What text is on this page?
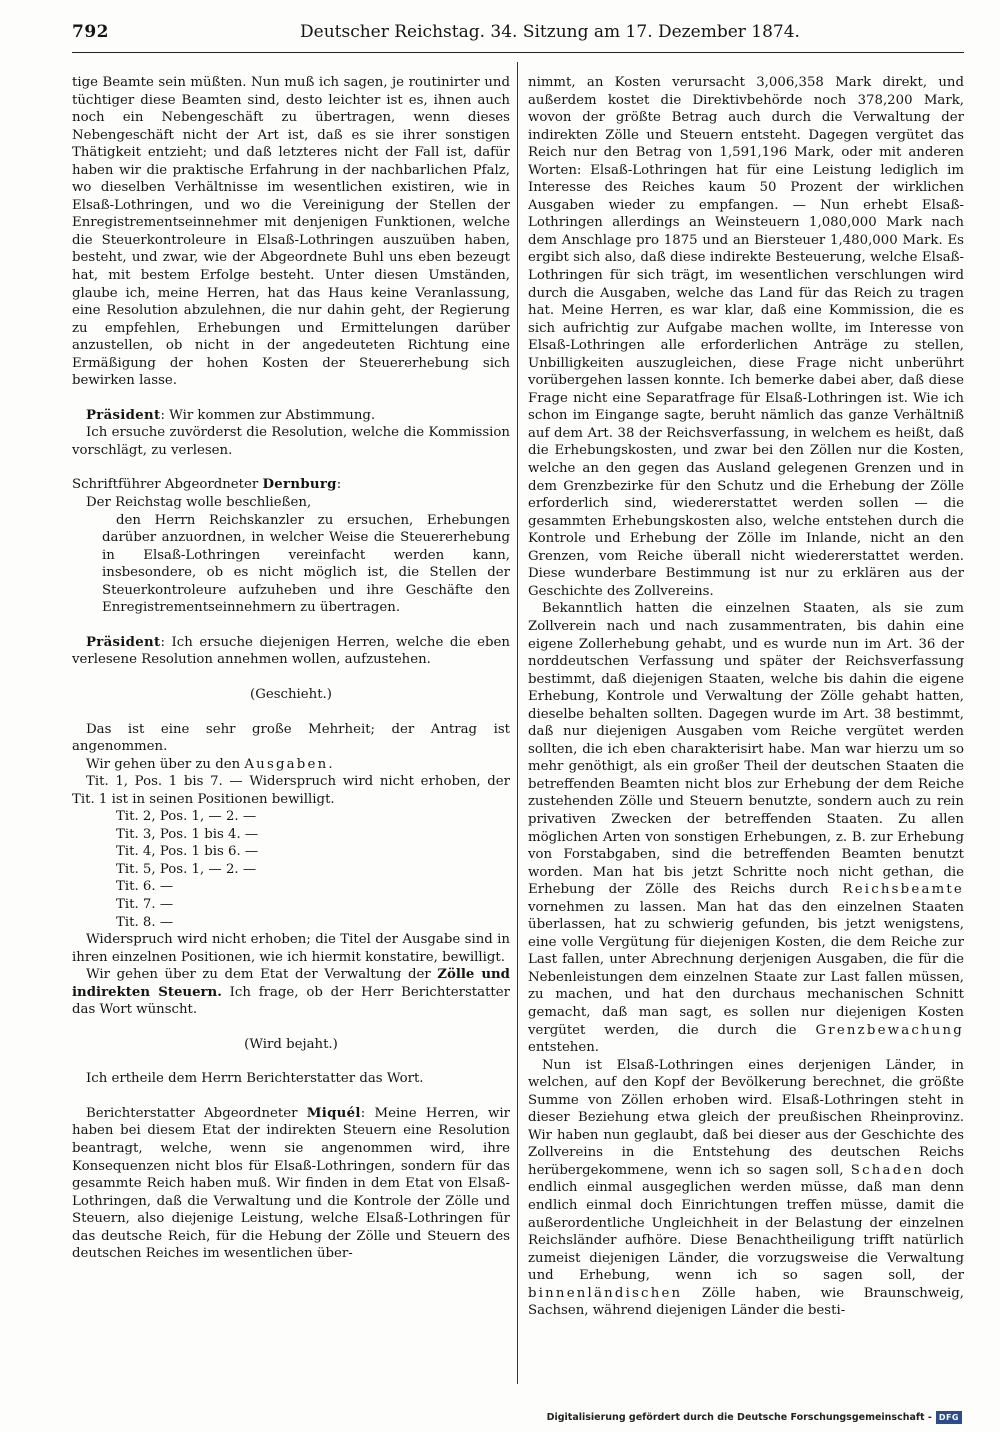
792	Deutscher Reichstag. 34. Sitzung am 17. Dezember 1874.

tige Beamte sein müßten. Nun muß ich sagen, je routinirter und tüchtiger diese Beamten sind, desto leichter ist es, ihnen auch noch ein Nebengeschäft zu übertragen, wenn dieses Nebengeschäft nicht der Art ist, daß es sie ihrer sonstigen Thätigkeit entzieht; und daß letzteres nicht der Fall ist, dafür haben wir die praktische Erfahrung in der nachbarlichen Pfalz, wo dieselben Verhältnisse im wesentlichen existiren, wie in Elsaß-Lothringen, und wo die Vereinigung der Stellen der Enregistrementseinnehmer mit denjenigen Funktionen, welche die Steuerkontroleure in Elsaß-Lothringen auszuüben haben, besteht, und zwar, wie der Abgeordnete Buhl uns eben bezeugt hat, mit bestem Erfolge besteht. Unter diesen Umständen, glaube ich, meine Herren, hat das Haus keine Veranlassung, eine Resolution abzulehnen, die nur dahin geht, der Regierung zu empfehlen, Erhebungen und Ermittelungen darüber anzustellen, ob nicht in der angedeuteten Richtung eine Ermäßigung der hohen Kosten der Steuererhebung sich bewirken lasse.

Präsident: Wir kommen zur Abstimmung.

Ich ersuche zuvörderst die Resolution, welche die Kommission vorschlägt, zu verlesen.

Schriftführer Abgeordneter Dernburg:

Der Reichstag wolle beschließen,

den Herrn Reichskanzler zu ersuchen, Erhebungen darüber anzuordnen, in welcher Weise die Steuererhebung in Elsaß-Lothringen vereinfacht werden kann, insbesondere, ob es nicht möglich ist, die Stellen der Steuerkontroleure aufzuheben und ihre Geschäfte den Enregistrementseinnehmern zu übertragen.

Präsident: Ich ersuche diejenigen Herren, welche die eben verlesene Resolution annehmen wollen, aufzustehen.

(Geschieht.)

Das ist eine sehr große Mehrheit; der Antrag ist angenommen.

Wir gehen über zu den Ausgaben.

Tit. 1, Pos. 1 bis 7. — Widerspruch wird nicht erhoben, der Tit. 1 ist in seinen Positionen bewilligt.

Tit. 2, Pos. 1, — 2. —

Tit. 3, Pos. 1 bis 4. —

Tit. 4, Pos. 1 bis 6. —

Tit. 5, Pos. 1, — 2. —

Tit. 6. —

Tit. 7. —

Tit. 8. —

Widerspruch wird nicht erhoben; die Titel der Ausgabe sind in ihren einzelnen Positionen, wie ich hiermit konstatire, bewilligt.

Wir gehen über zu dem Etat der Verwaltung der Zölle und indirekten Steuern. Ich frage, ob der Herr Berichterstatter das Wort wünscht.

(Wird bejaht.)

Ich ertheile dem Herrn Berichterstatter das Wort.

Berichterstatter Abgeordneter Miquél: Meine Herren, wir haben bei diesem Etat der indirekten Steuern eine Resolution beantragt, welche, wenn sie angenommen wird, ihre Konsequenzen nicht blos für Elsaß-Lothringen, sondern für das gesammte Reich haben muß. Wir finden in dem Etat von Elsaß-Lothringen, daß die Verwaltung und die Kontrole der Zölle und Steuern, also diejenige Leistung, welche Elsaß-Lothringen für das deutsche Reich, für die Hebung der Zölle und Steuern des deutschen Reiches im wesentlichen über-

nimmt, an Kosten verursacht 3,006,358 Mark direkt, und außerdem kostet die Direktivbehörde noch 378,200 Mark, wovon der größte Betrag auch durch die Verwaltung der indirekten Zölle und Steuern entsteht. Dagegen vergütet das Reich nur den Betrag von 1,591,196 Mark, oder mit anderen Worten: Elsaß-Lothringen hat für eine Leistung lediglich im Interesse des Reiches kaum 50 Prozent der wirklichen Ausgaben wieder zu empfangen. — Nun erhebt Elsaß-Lothringen allerdings an Weinsteuern 1,080,000 Mark nach dem Anschlage pro 1875 und an Biersteuer 1,480,000 Mark. Es ergibt sich also, daß diese indirekte Besteuerung, welche Elsaß-Lothringen für sich trägt, im wesentlichen verschlungen wird durch die Ausgaben, welche das Land für das Reich zu tragen hat. Meine Herren, es war klar, daß eine Kommission, die es sich aufrichtig zur Aufgabe machen wollte, im Interesse von Elsaß-Lothringen alle erforderlichen Anträge zu stellen, Unbilligkeiten auszugleichen, diese Frage nicht unberührt vorübergehen lassen konnte. Ich bemerke dabei aber, daß diese Frage nicht eine Separatfrage für Elsaß-Lothringen ist. Wie ich schon im Eingange sagte, beruht nämlich das ganze Verhältniß auf dem Art. 38 der Reichsverfassung, in welchem es heißt, daß die Erhebungskosten, und zwar bei den Zöllen nur die Kosten, welche an den gegen das Ausland gelegenen Grenzen und in dem Grenzbezirke für den Schutz und die Erhebung der Zölle erforderlich sind, wiedererstattet werden sollen — die gesammten Erhebungskosten also, welche entstehen durch die Kontrole und Erhebung der Zölle im Inlande, nicht an den Grenzen, vom Reiche überall nicht wiedererstattet werden. Diese wunderbare Bestimmung ist nur zu erklären aus der Geschichte des Zollvereins.

Bekanntlich hatten die einzelnen Staaten, als sie zum Zollverein nach und nach zusammentraten, bis dahin eine eigene Zollerhebung gehabt, und es wurde nun im Art. 36 der norddeutschen Verfassung und später der Reichsverfassung bestimmt, daß diejenigen Staaten, welche bis dahin die eigene Erhebung, Kontrole und Verwaltung der Zölle gehabt hatten, dieselbe behalten sollten. Dagegen wurde im Art. 38 bestimmt, daß nur diejenigen Ausgaben vom Reiche vergütet werden sollten, die ich eben charakterisirt habe. Man war hierzu um so mehr genöthigt, als ein großer Theil der deutschen Staaten die betreffenden Beamten nicht blos zur Erhebung der dem Reiche zustehenden Zölle und Steuern benutzte, sondern auch zu rein privativen Zwecken der betreffenden Staaten. Zu allen möglichen Arten von sonstigen Erhebungen, z. B. zur Erhebung von Forstabgaben, sind die betreffenden Beamten benutzt worden. Man hat bis jetzt Schritte noch nicht gethan, die Erhebung der Zölle des Reichs durch Reichsbeamte vornehmen zu lassen. Man hat das den einzelnen Staaten überlassen, hat zu schwierig gefunden, bis jetzt wenigstens, eine volle Vergütung für diejenigen Kosten, die dem Reiche zur Last fallen, unter Abrechnung derjenigen Ausgaben, die für die Nebenleistungen dem einzelnen Staate zur Last fallen müssen, zu machen, und hat den durchaus mechanischen Schnitt gemacht, daß man sagt, es sollen nur diejenigen Kosten vergütet werden, die durch die Grenzbewachung entstehen.

Nun ist Elsaß-Lothringen eines derjenigen Länder, in welchen, auf den Kopf der Bevölkerung berechnet, die größte Summe von Zöllen erhoben wird. Elsaß-Lothringen steht in dieser Beziehung etwa gleich der preußischen Rheinprovinz. Wir haben nun geglaubt, daß bei dieser aus der Geschichte des Zollvereins in die Entstehung des deutschen Reichs herübergekommene, wenn ich so sagen soll, Schaden doch endlich einmal ausgeglichen werden müsse, daß man denn endlich einmal doch Einrichtungen treffen müsse, damit die außerordentliche Ungleichheit in der Belastung der einzelnen Reichsländer aufhöre. Diese Benachtheiligung trifft natürlich zumeist diejenigen Länder, die vorzugsweise die Verwaltung und Erhebung, wenn ich so sagen soll, der binnenländischen Zölle haben, wie Braunschweig, Sachsen, während diejenigen Länder die besti-

Digitalisierung gefördert durch die Deutsche Forschungsgemeinschaft - DFG
